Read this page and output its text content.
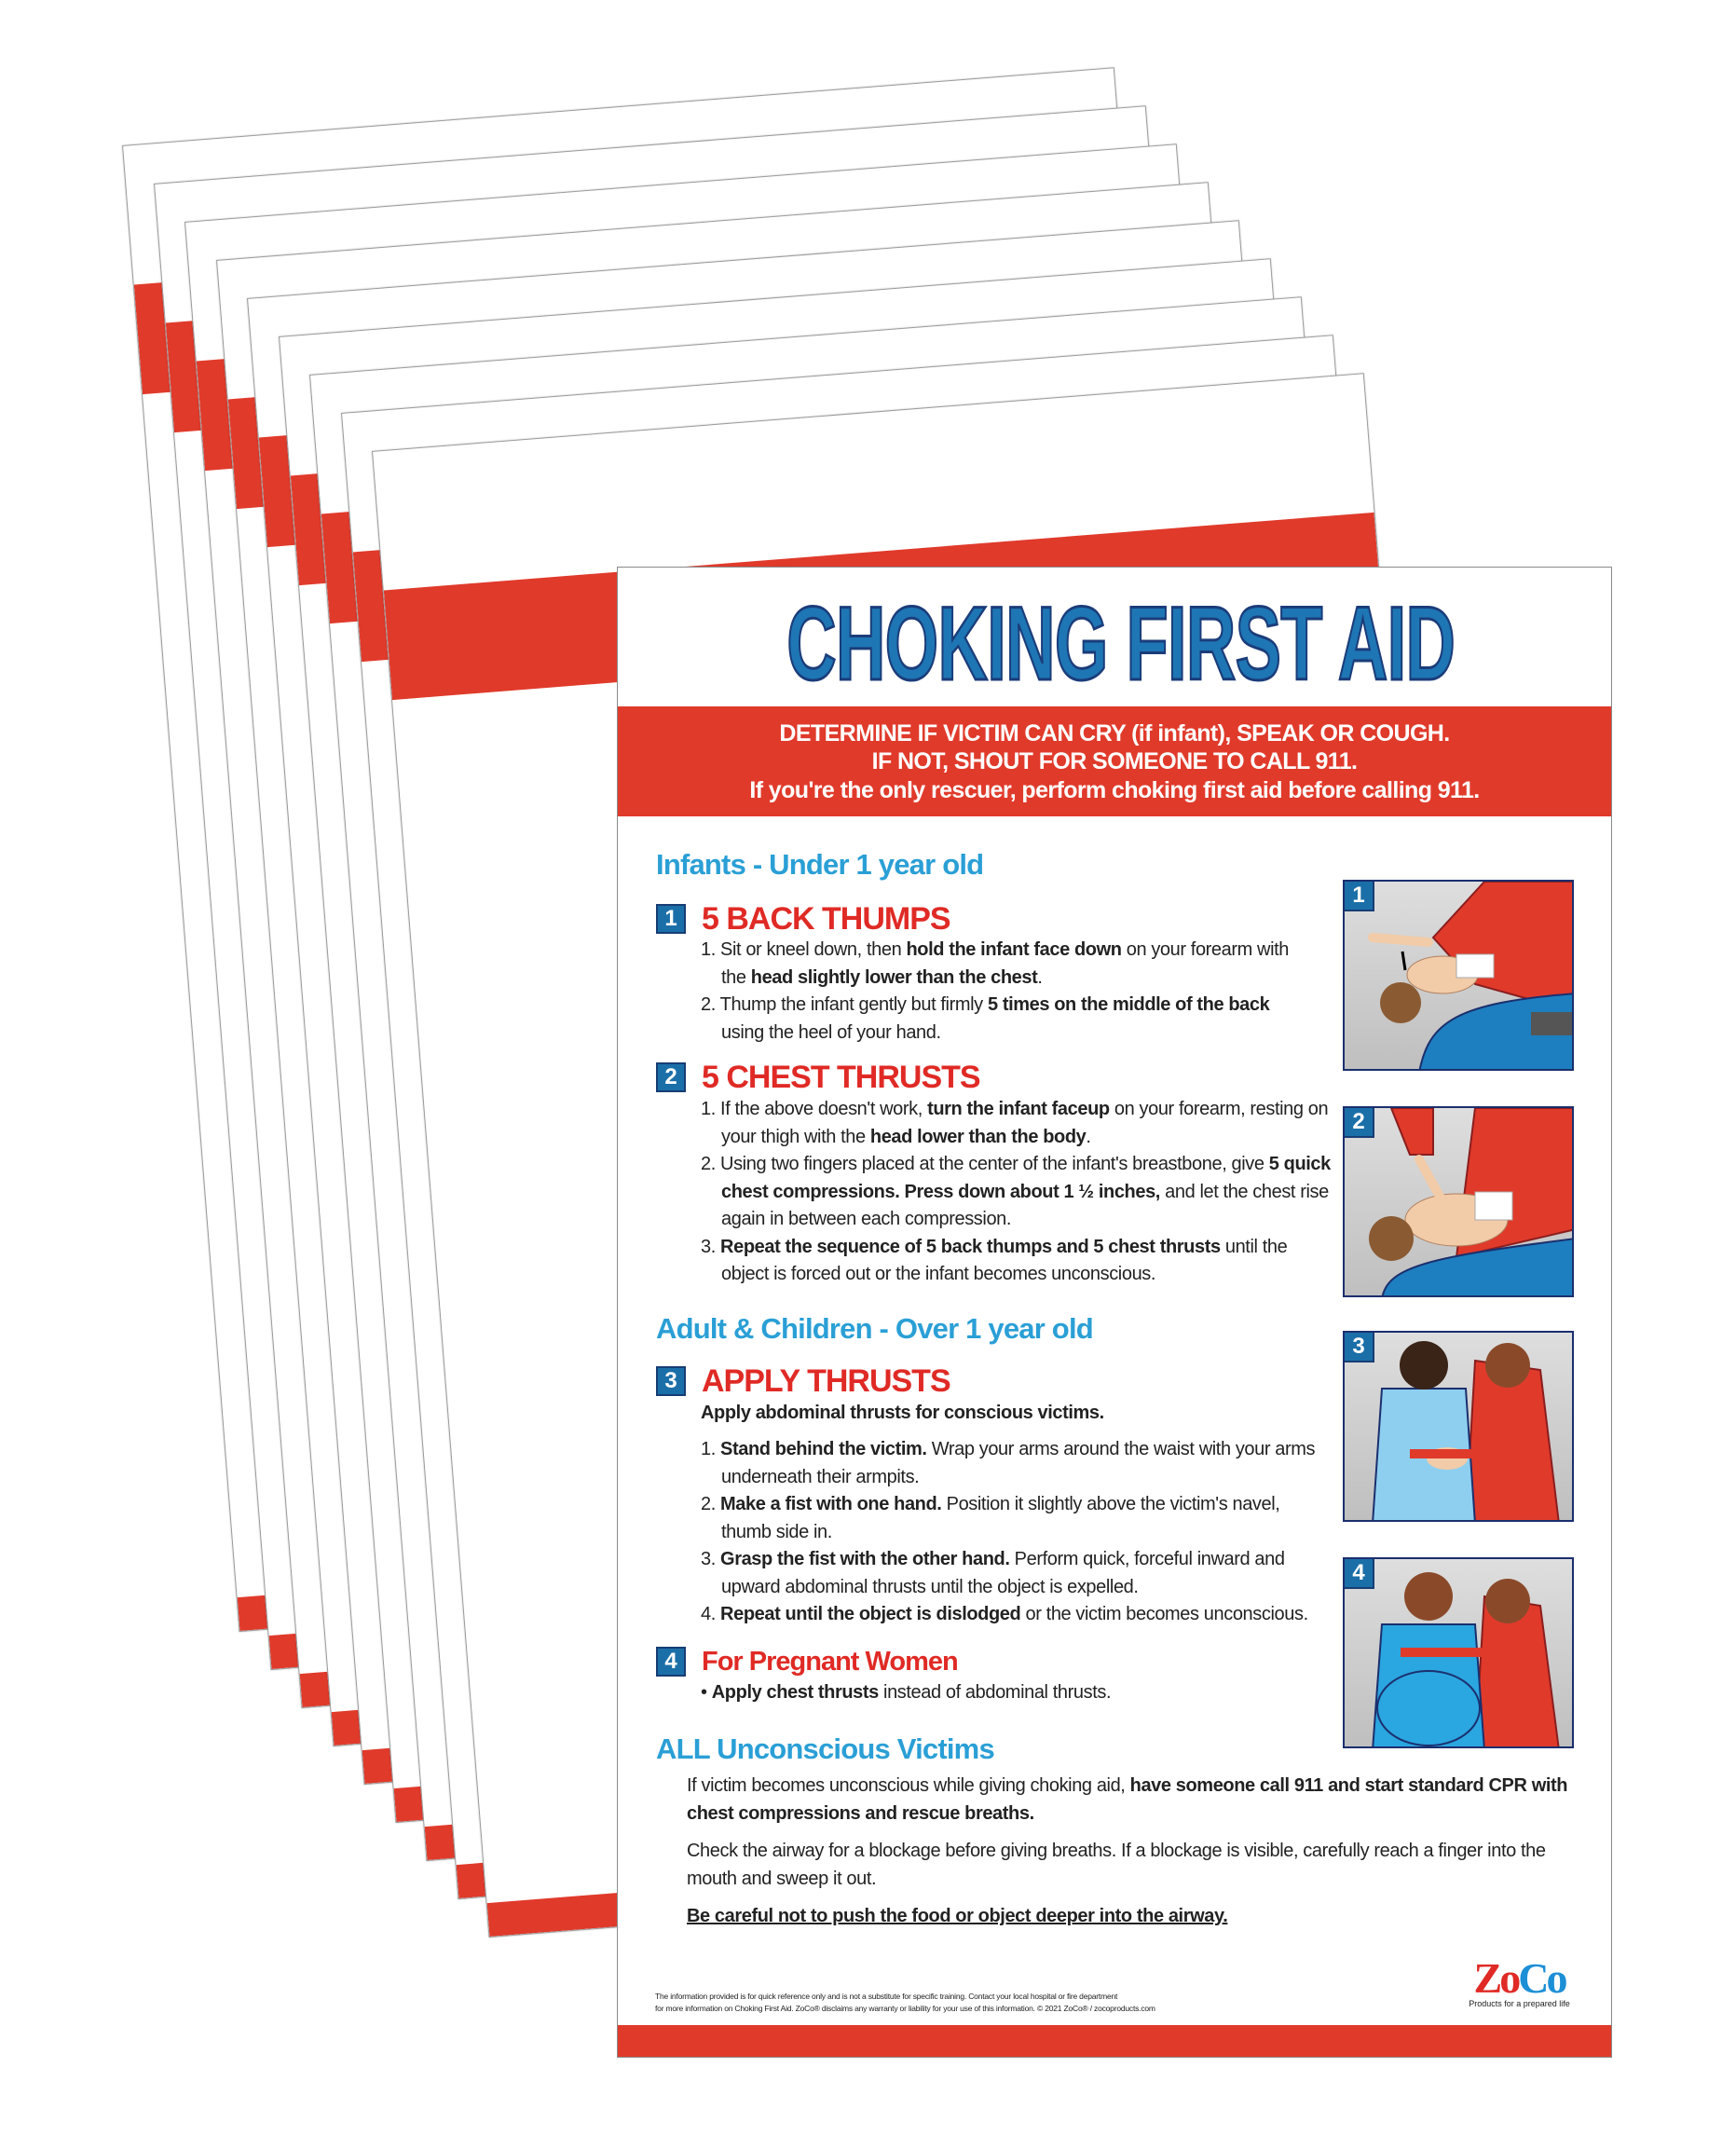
CHOKING FIRST AID
DETERMINE IF VICTIM CAN CRY (if infant), SPEAK OR COUGH.
IF NOT, SHOUT FOR SOMEONE TO CALL 911.
If you're the only rescuer, perform choking first aid before calling 911.
Infants - Under 1 year old
1 5 BACK THUMPS
1. Sit or kneel down, then hold the infant face down on your forearm with the head slightly lower than the chest.
2. Thump the infant gently but firmly 5 times on the middle of the back using the heel of your hand.
2 5 CHEST THRUSTS
1. If the above doesn't work, turn the infant faceup on your forearm, resting on your thigh with the head lower than the body.
2. Using two fingers placed at the center of the infant's breastbone, give 5 quick chest compressions. Press down about 1 ½ inches, and let the chest rise again in between each compression.
3. Repeat the sequence of 5 back thumps and 5 chest thrusts until the object is forced out or the infant becomes unconscious.
Adult & Children - Over 1 year old
3 APPLY THRUSTS
Apply abdominal thrusts for conscious victims.
1. Stand behind the victim. Wrap your arms around the waist with your arms underneath their armpits.
2. Make a fist with one hand. Position it slightly above the victim's navel, thumb side in.
3. Grasp the fist with the other hand. Perform quick, forceful inward and upward abdominal thrusts until the object is expelled.
4. Repeat until the object is dislodged or the victim becomes unconscious.
4 For Pregnant Women
• Apply chest thrusts instead of abdominal thrusts.
ALL Unconscious Victims

If victim becomes unconscious while giving choking aid, have someone call 911 and start standard CPR with chest compressions and rescue breaths.

Check the airway for a blockage before giving breaths. If a blockage is visible, carefully reach a finger into the mouth and sweep it out.

Be careful not to push the food or object deeper into the airway.

1
2
3
4
The information provided is for quick reference only and is not a substitute for specific training. Contact your local hospital or fire department
for more information on Choking First Aid. ZoCo® disclaims any warranty or liability for your use of this information. © 2021 ZoCo® / zocoproducts.com
ZoCo
Products for a prepared life
